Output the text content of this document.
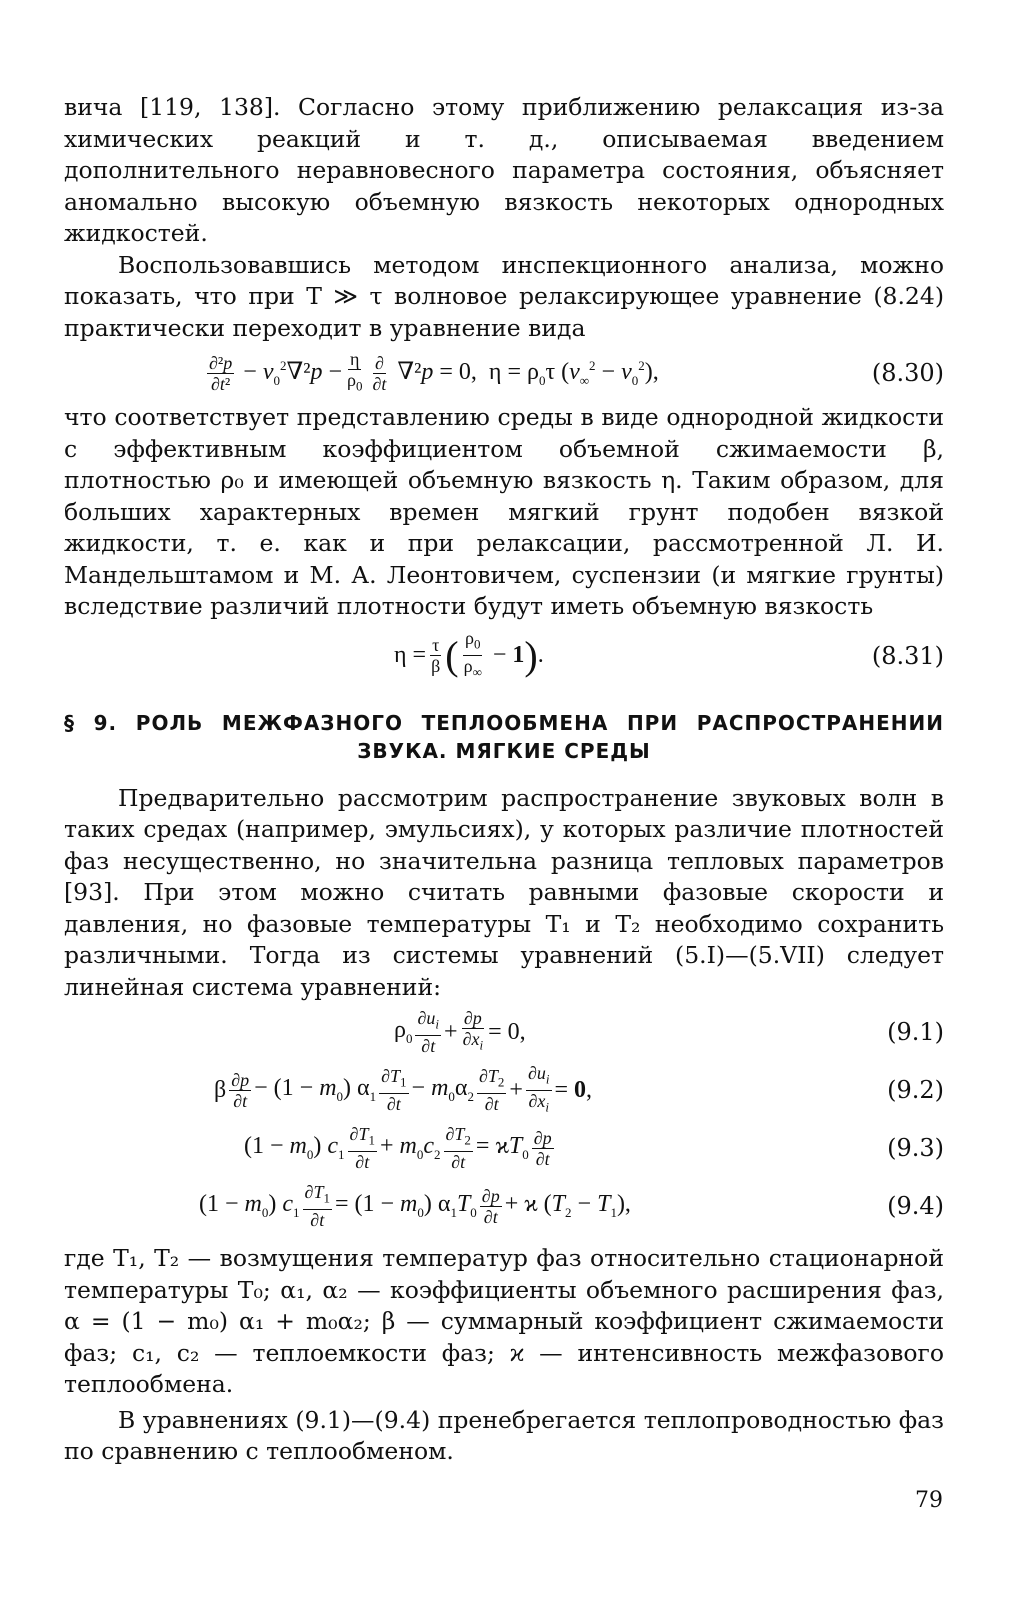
вича [119, 138]. Согласно этому приближению релаксация из-за химических реакций и т. д., описываемая введением дополнительного неравновесного параметра состояния, объясняет аномально высокую объемную вязкость некоторых однородных жидкостей.

Воспользовавшись методом инспекционного анализа, можно показать, что при T ≫ τ волновое релаксирующее уравнение (8.24) практически переходит в уравнение вида

$\frac{\text{∂²p}}{\text{∂t²}} - v_0^2\nabla^2p - \frac{\eta}{\rho_0} \frac{\partial}{\partial t} \nabla^2p = 0$,  $\eta = \rho_0\tau$ $(v_\infty^2 - v_0^2)$,	(8.30)

что соответствует представлению среды в виде однородной жидкости с эффективным коэффициентом объемной сжимаемости β, плотностью ρ₀ и имеющей объемную вязкость η. Таким образом, для больших характерных времен мягкий грунт подобен вязкой жидкости, т. е. как и при релаксации, рассмотренной Л. И. Мандельштамом и М. А. Леонтовичем, суспензии (и мягкие грунты) вследствие различий плотности будут иметь объемную вязкость

$\eta = \frac{\tau}{\beta}$ ( $\frac{\rho_0}{\rho_\infty} - 1$ ) .	(8.31)
§ 9. РОЛЬ МЕЖФАЗНОГО ТЕПЛООБМЕНА ПРИ РАСПРОСТРАНЕНИИ
ЗВУКА. МЯГКИЕ СРЕДЫ

Предварительно рассмотрим распространение звуковых волн в таких средах (например, эмульсиях), у которых различие плотностей фаз несущественно, но значительна разница тепловых параметров [93]. При этом можно считать равными фазовые скорости и давления, но фазовые температуры T₁ и T₂ необходимо сохранить различными. Тогда из системы уравнений (5.I)—(5.VII) следует линейная система уравнений:

$\rho_0 \frac{\partial u_i}{\partial t} + \frac{\partial p}{\partial x_i} = 0$,	(9.1)
β $\frac{\partial p}{\partial t} - (1 - m_0)$ $\alpha_1 \frac{\partial T_1}{\partial t} - m_0\alpha_2 \frac{\partial T_2}{\partial t} + \frac{\partial u_i}{\partial x_i} = 0$,	(9.2)
$(1 - m_0)$ $c_1 \frac{\partial T_1}{\partial t} + m_0c_2 \frac{\partial T_2}{\partial t} = ϰT_0 \frac{\partial p}{\partial t}$	(9.3)
$(1 - m_0)$ $c_1 \frac{\partial T_1}{\partial t} = (1 - m_0)$ $\alpha_1T_0 \frac{\partial p}{\partial t} + ϰ$ $(T_2 - T_1)$,	(9.4)

где T₁, T₂ — возмущения температур фаз относительно стационарной температуры T₀; α₁, α₂ — коэффициенты объемного расширения фаз, α = (1 − m₀) α₁ + m₀α₂; β — суммарный коэффициент сжимаемости фаз; c₁, c₂ — теплоемкости фаз; ϰ — интенсивность межфазового теплообмена.

В уравнениях (9.1)—(9.4) пренебрегается теплопроводностью фаз по сравнению с теплообменом.

79
